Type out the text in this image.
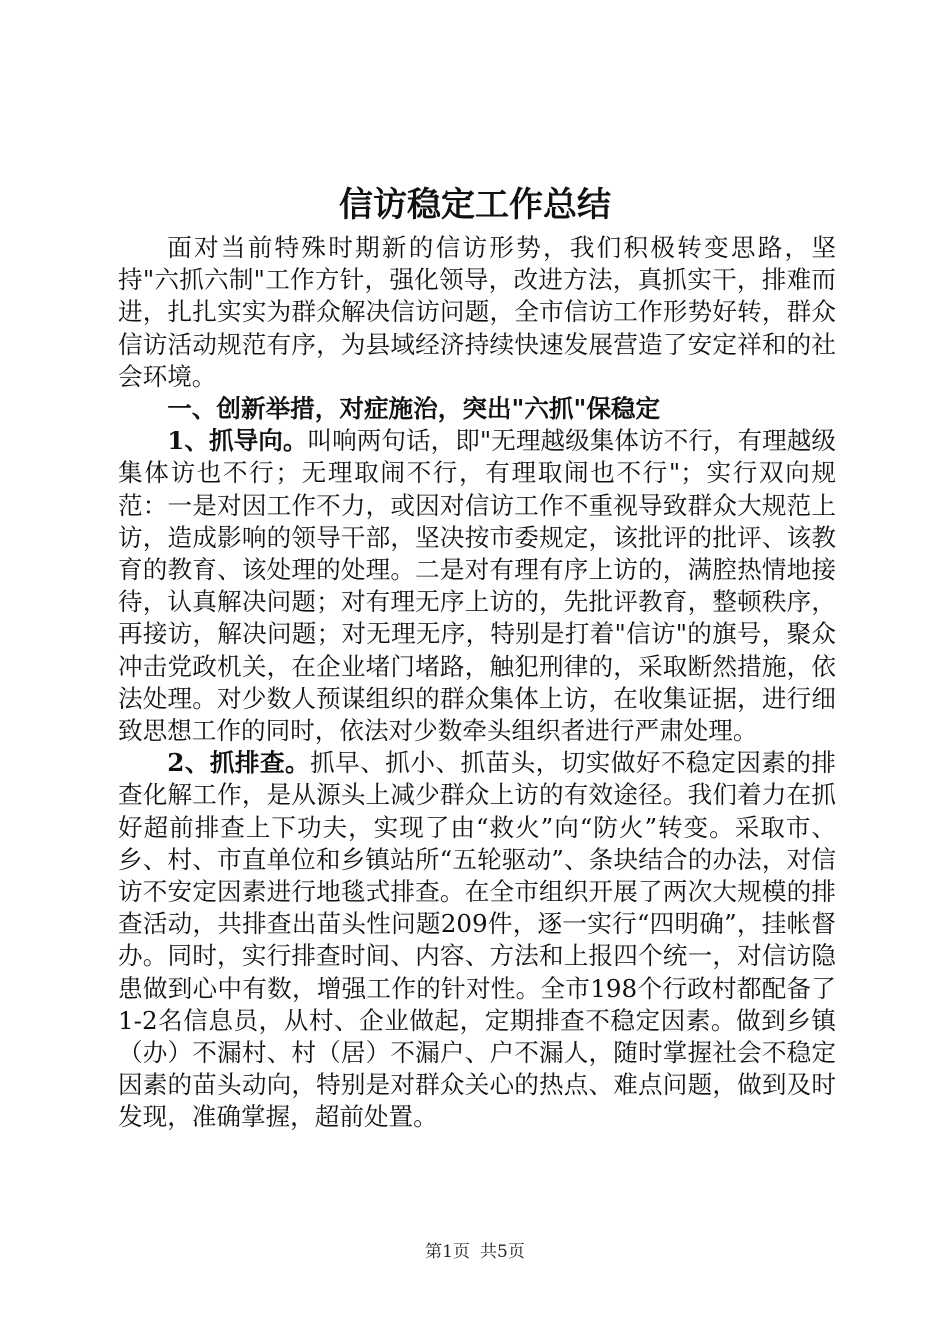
信访稳定工作总结

面对当前特殊时期新的信访形势，我们积极转变思路，坚持"六抓六制"工作方针，强化领导，改进方法，真抓实干，排难而进，扎扎实实为群众解决信访问题，全市信访工作形势好转，群众信访活动规范有序，为县域经济持续快速发展营造了安定祥和的社会环境。

一、创新举措，对症施治，突出"六抓"保稳定

1、抓导向。叫响两句话，即"无理越级集体访不行，有理越级集体访也不行；无理取闹不行，有理取闹也不行"；实行双向规范：一是对因工作不力，或因对信访工作不重视导致群众大规范上访，造成影响的领导干部，坚决按市委规定，该批评的批评、该教育的教育、该处理的处理。二是对有理有序上访的，满腔热情地接待，认真解决问题；对有理无序上访的，先批评教育，整顿秩序，再接访，解决问题；对无理无序，特别是打着"信访"的旗号，聚众冲击党政机关，在企业堵门堵路，触犯刑律的，采取断然措施，依法处理。对少数人预谋组织的群众集体上访，在收集证据，进行细致思想工作的同时，依法对少数牵头组织者进行严肃处理。

2、抓排查。抓早、抓小、抓苗头，切实做好不稳定因素的排查化解工作，是从源头上减少群众上访的有效途径。我们着力在抓好超前排查上下功夫，实现了由“救火”向“防火”转变。采取市、乡、村、市直单位和乡镇站所“五轮驱动”、条块结合的办法，对信访不安定因素进行地毯式排查。在全市组织开展了两次大规模的排查活动，共排查出苗头性问题209件，逐一实行“四明确”，挂帐督办。同时，实行排查时间、内容、方法和上报四个统一，对信访隐患做到心中有数，增强工作的针对性。全市198个行政村都配备了1-2名信息员，从村、企业做起，定期排查不稳定因素。做到乡镇（办）不漏村、村（居）不漏户、户不漏人，随时掌握社会不稳定因素的苗头动向，特别是对群众关心的热点、难点问题，做到及时发现，准确掌握，超前处置。

第1页 共5页
